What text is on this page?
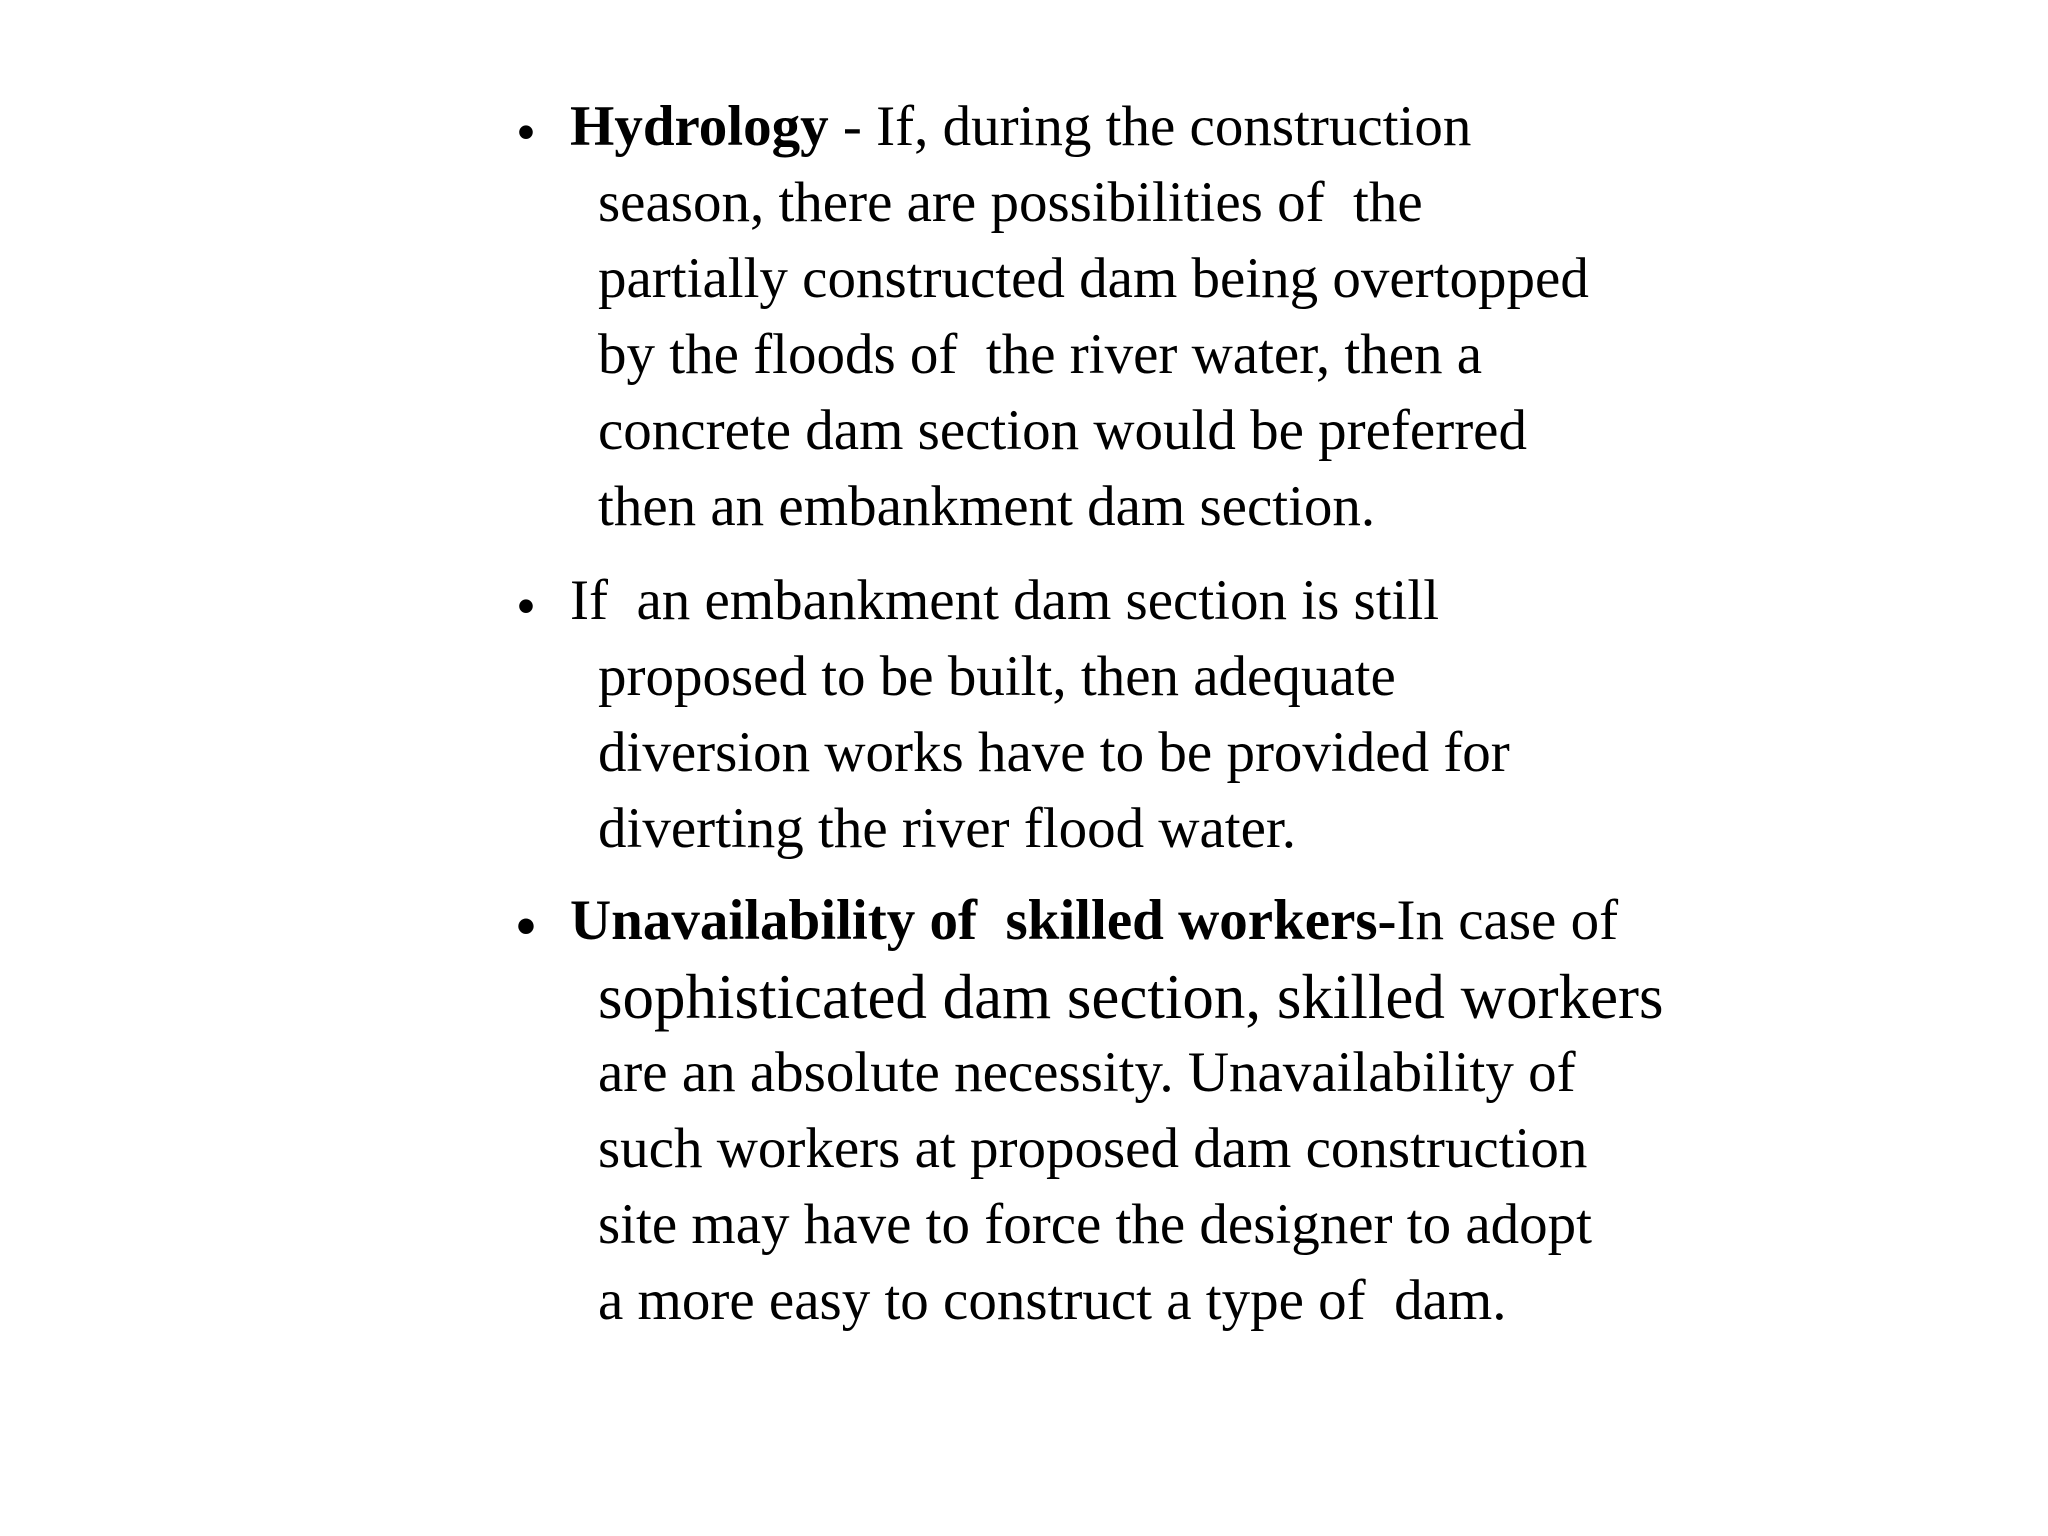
• Hydrology - If, during the construction
season, there are possibilities of  the
partially constructed dam being overtopped
by the floods of  the river water, then a
concrete dam section would be preferred
then an embankment dam section.
• If  an embankment dam section is still
proposed to be built, then adequate
diversion works have to be provided for
diverting the river flood water.
• Unavailability of  skilled workers-In case of
sophisticated dam section, skilled workers
are an absolute necessity. Unavailability of
such workers at proposed dam construction
site may have to force the designer to adopt
a more easy to construct a type of  dam.
